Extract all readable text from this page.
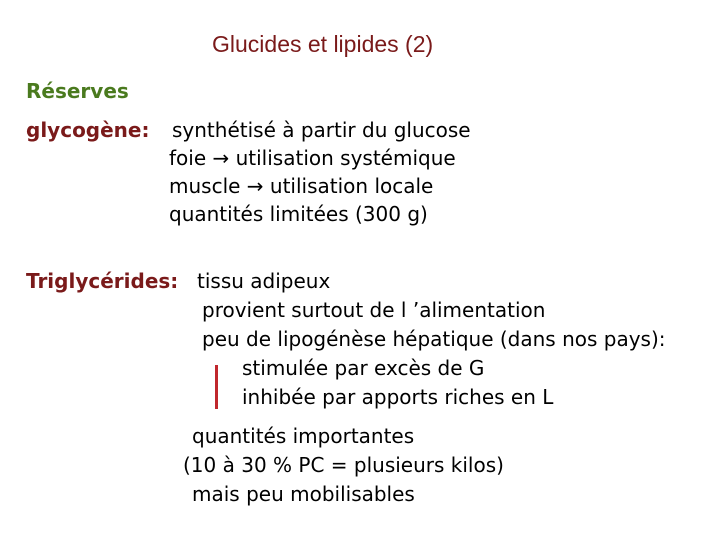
Glucides et lipides (2)
Réserves
glycogène: synthétisé à partir du glucose
foie → utilisation systémique
muscle → utilisation locale
quantités limitées (300 g)
Triglycérides: tissu adipeux
provient surtout de l ’alimentation
peu de lipogénèse hépatique (dans nos pays):
stimulée par excès de G
inhibée par apports riches en L
quantités importantes
(10 à 30 % PC = plusieurs kilos)
mais peu mobilisables
